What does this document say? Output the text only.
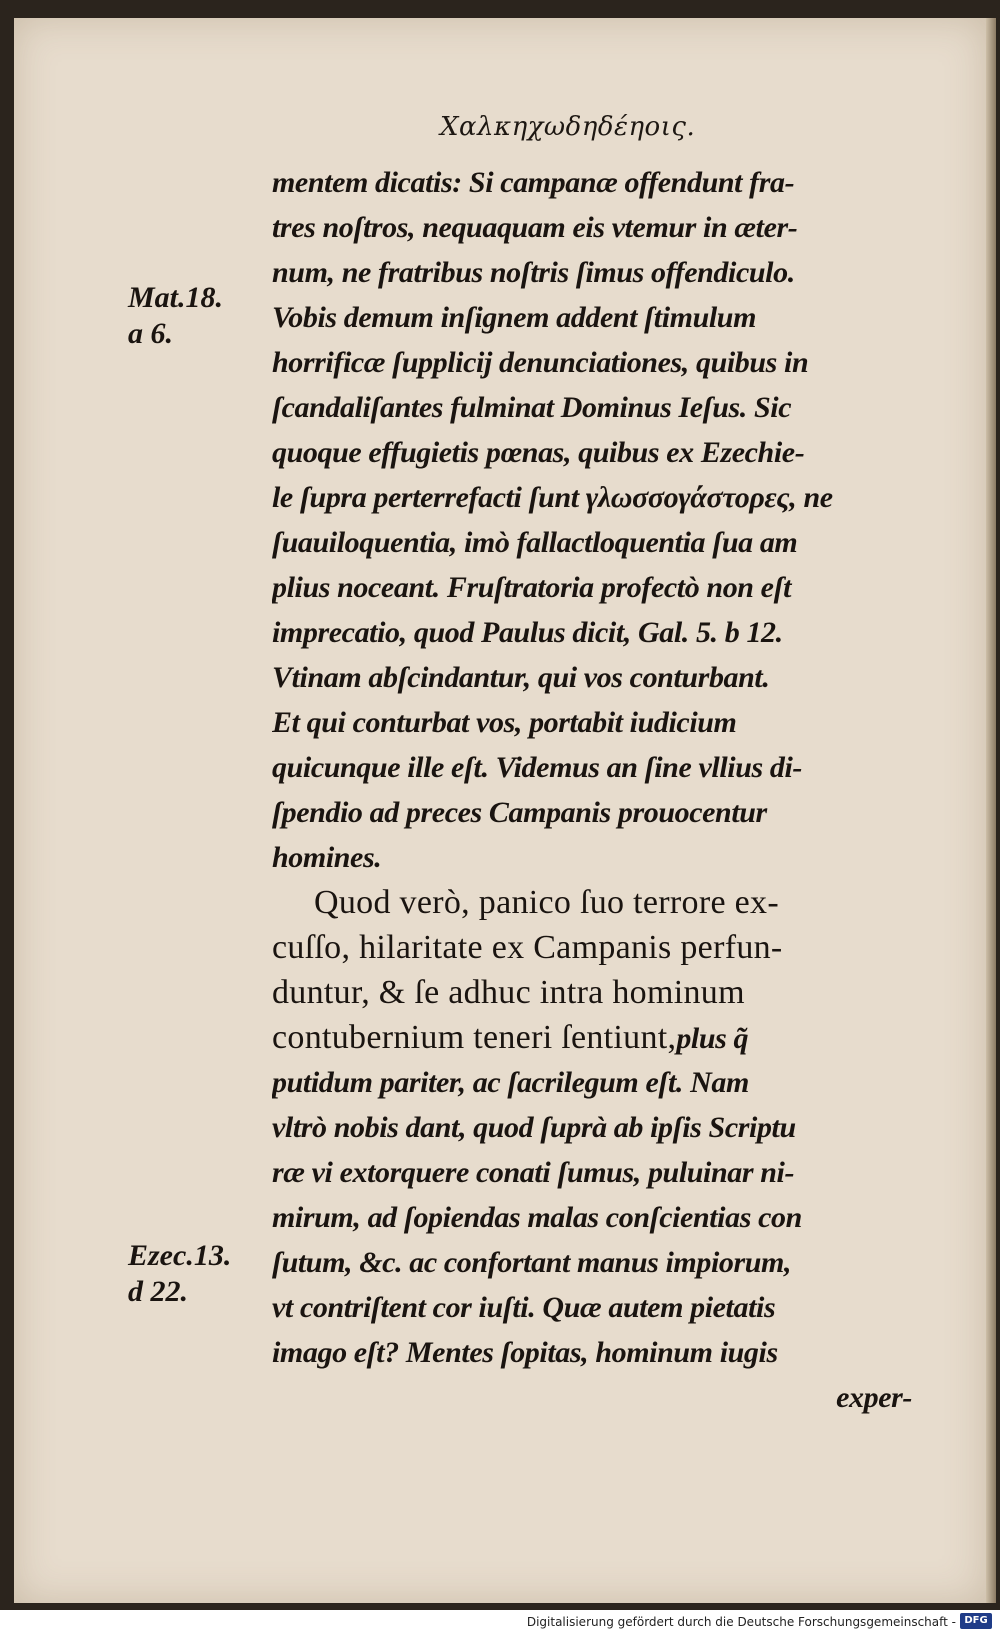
Χαλκηχωδηδέηοις.
Mat.18.
a 6.
Ezec.13.
d 22.
mentem dicatis: Si campanæ offendunt fra-
tres noſtros, nequaquam eis vtemur in æter-
num, ne fratribus noſtris ſimus offendiculo.
Vobis demum inſignem addent ſtimulum
horrificæ ſupplicij denunciationes, quibus in
ſcandaliſantes fulminat Dominus Ieſus. Sic
quoque effugietis pœnas, quibus ex Ezechie-
le ſupra perterrefacti ſunt γλωσσογάστορες, ne
ſuauiloquentia, imò fallactloquentia ſua am
plius noceant. Fruſtratoria profectò non eſt
imprecatio, quod Paulus dicit, Gal. 5. b 12.
Vtinam abſcindantur, qui vos conturbant.
Et qui conturbat vos, portabit iudicium
quicunque ille eſt. Videmus an ſine vllius di-
ſpendio ad preces Campanis prouocentur
homines.
Quod verò, panico ſuo terrore ex-
cuſſo, hilaritate ex Campanis perfun-
duntur, & ſe adhuc intra hominum
contubernium teneri ſentiunt,plus q̃
putidum pariter, ac ſacrilegum eſt. Nam
vltrò nobis dant, quod ſuprà ab ipſis Scriptu
ræ vi extorquere conati ſumus, puluinar ni-
mirum, ad ſopiendas malas conſcientias con
ſutum, &c. ac confortant manus impiorum,
vt contriſtent cor iuſti. Quæ autem pietatis
imago eſt? Mentes ſopitas, hominum iugis
exper-
Digitalisierung gefördert durch die Deutsche Forschungsgemeinschaft - DFG
